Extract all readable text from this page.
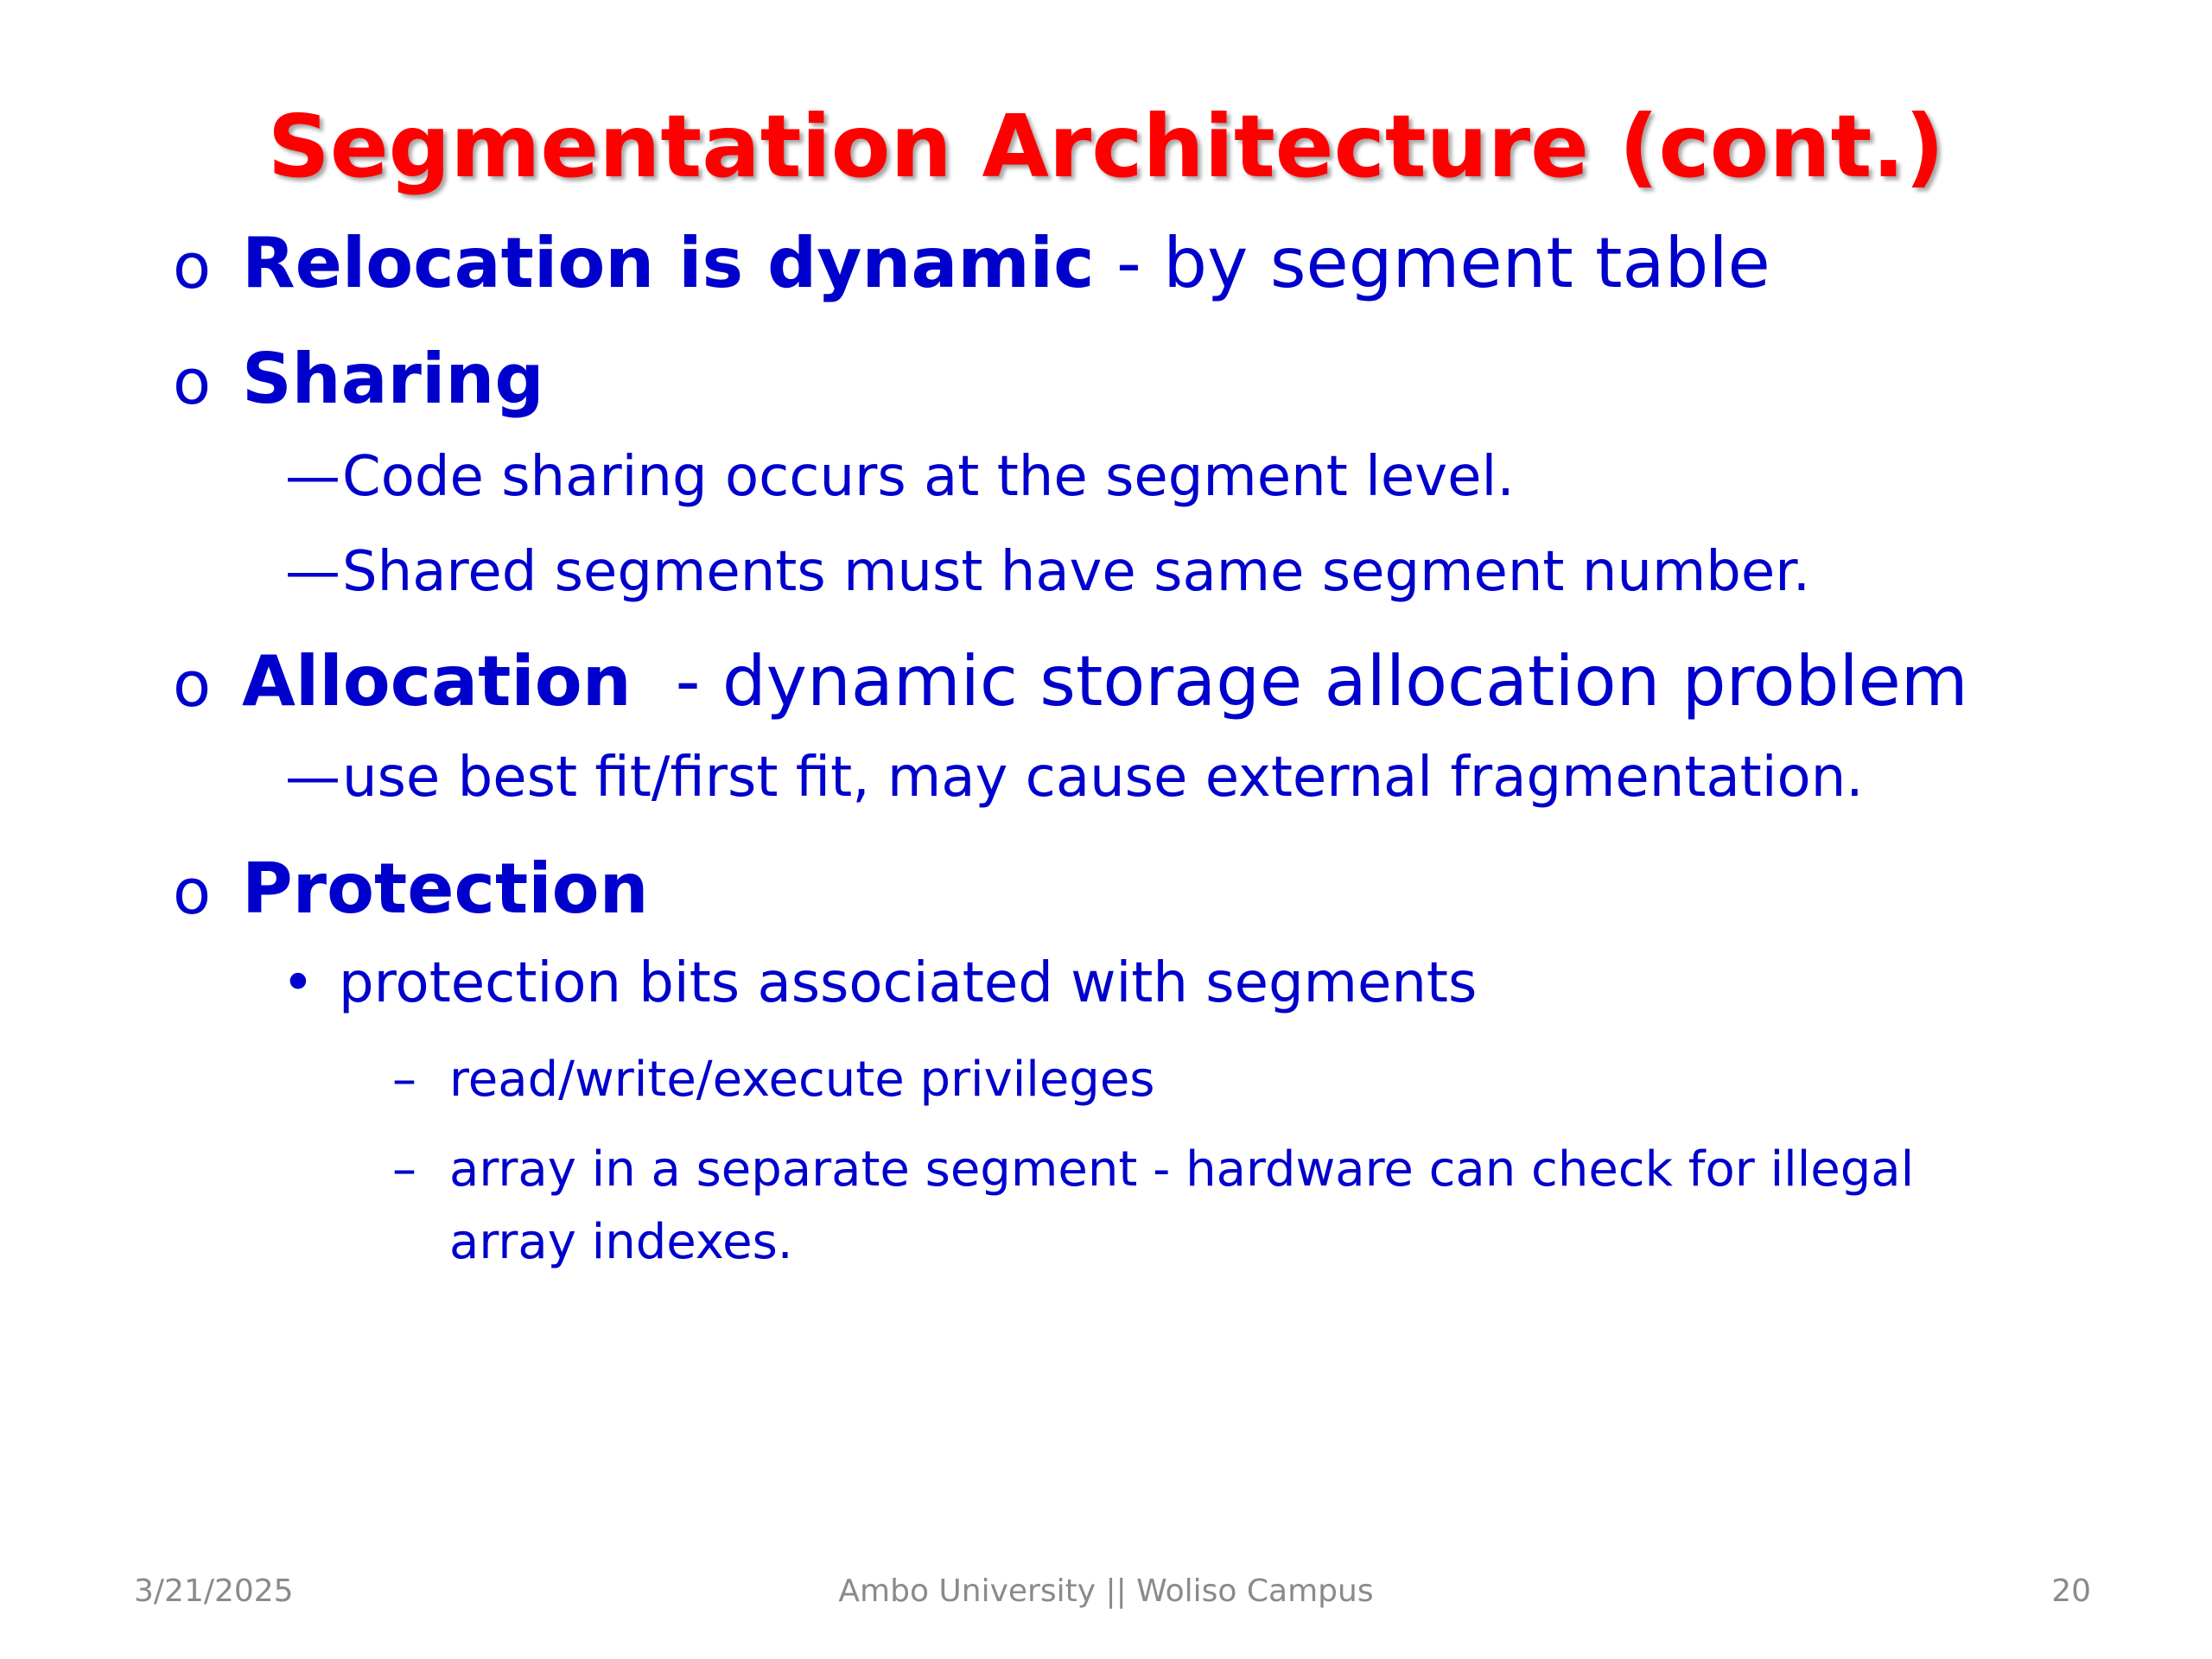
Segmentation Architecture (cont.)
o Relocation is dynamic - by segment table
o Sharing
— Code sharing occurs at the segment level.
— Shared segments must have same segment number.
o Allocation  - dynamic storage allocation problem
— use best fit/first fit, may cause external fragmentation.
o Protection
• protection bits associated with segments
– read/write/execute privileges
– array in a separate segment - hardware can check for illegal
array indexes.
3/21/2025	Ambo University || Woliso Campus	20
